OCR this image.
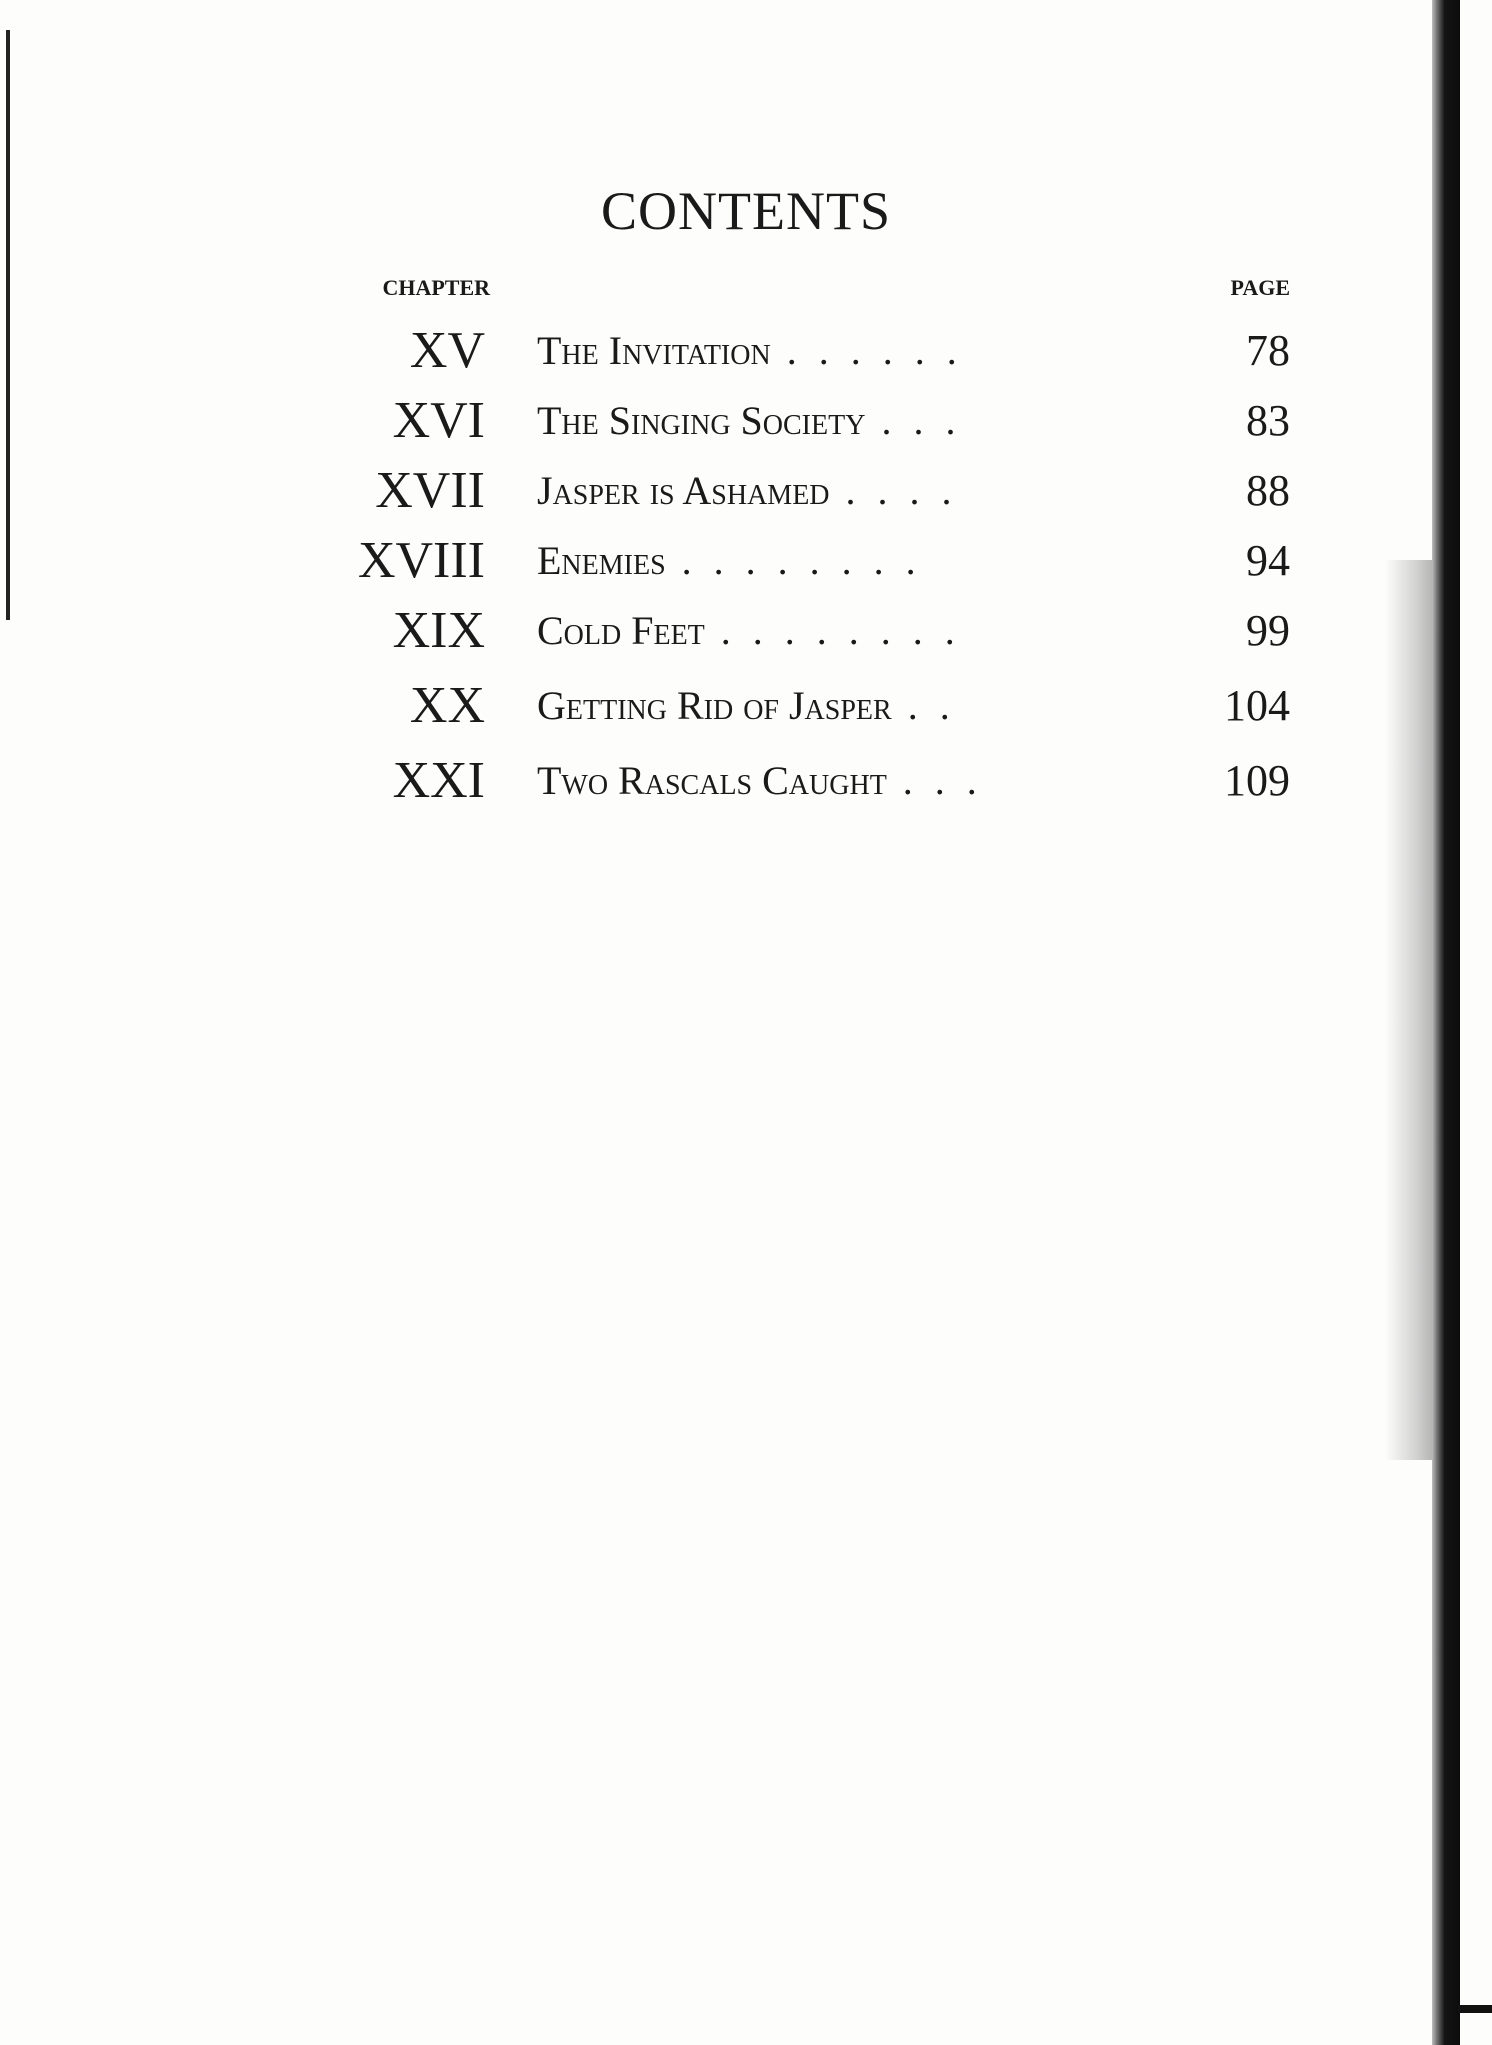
CONTENTS
CHAPTER	PAGE
XV The Invitation . . . . . .	78
XVI The Singing Society . . .	83
XVII Jasper is Ashamed . . . .	88
XVIII Enemies . . . . . . . .	94
XIX Cold Feet . . . . . . . .	99
XX Getting Rid of Jasper . .	104
XXI Two Rascals Caught . . .	109
